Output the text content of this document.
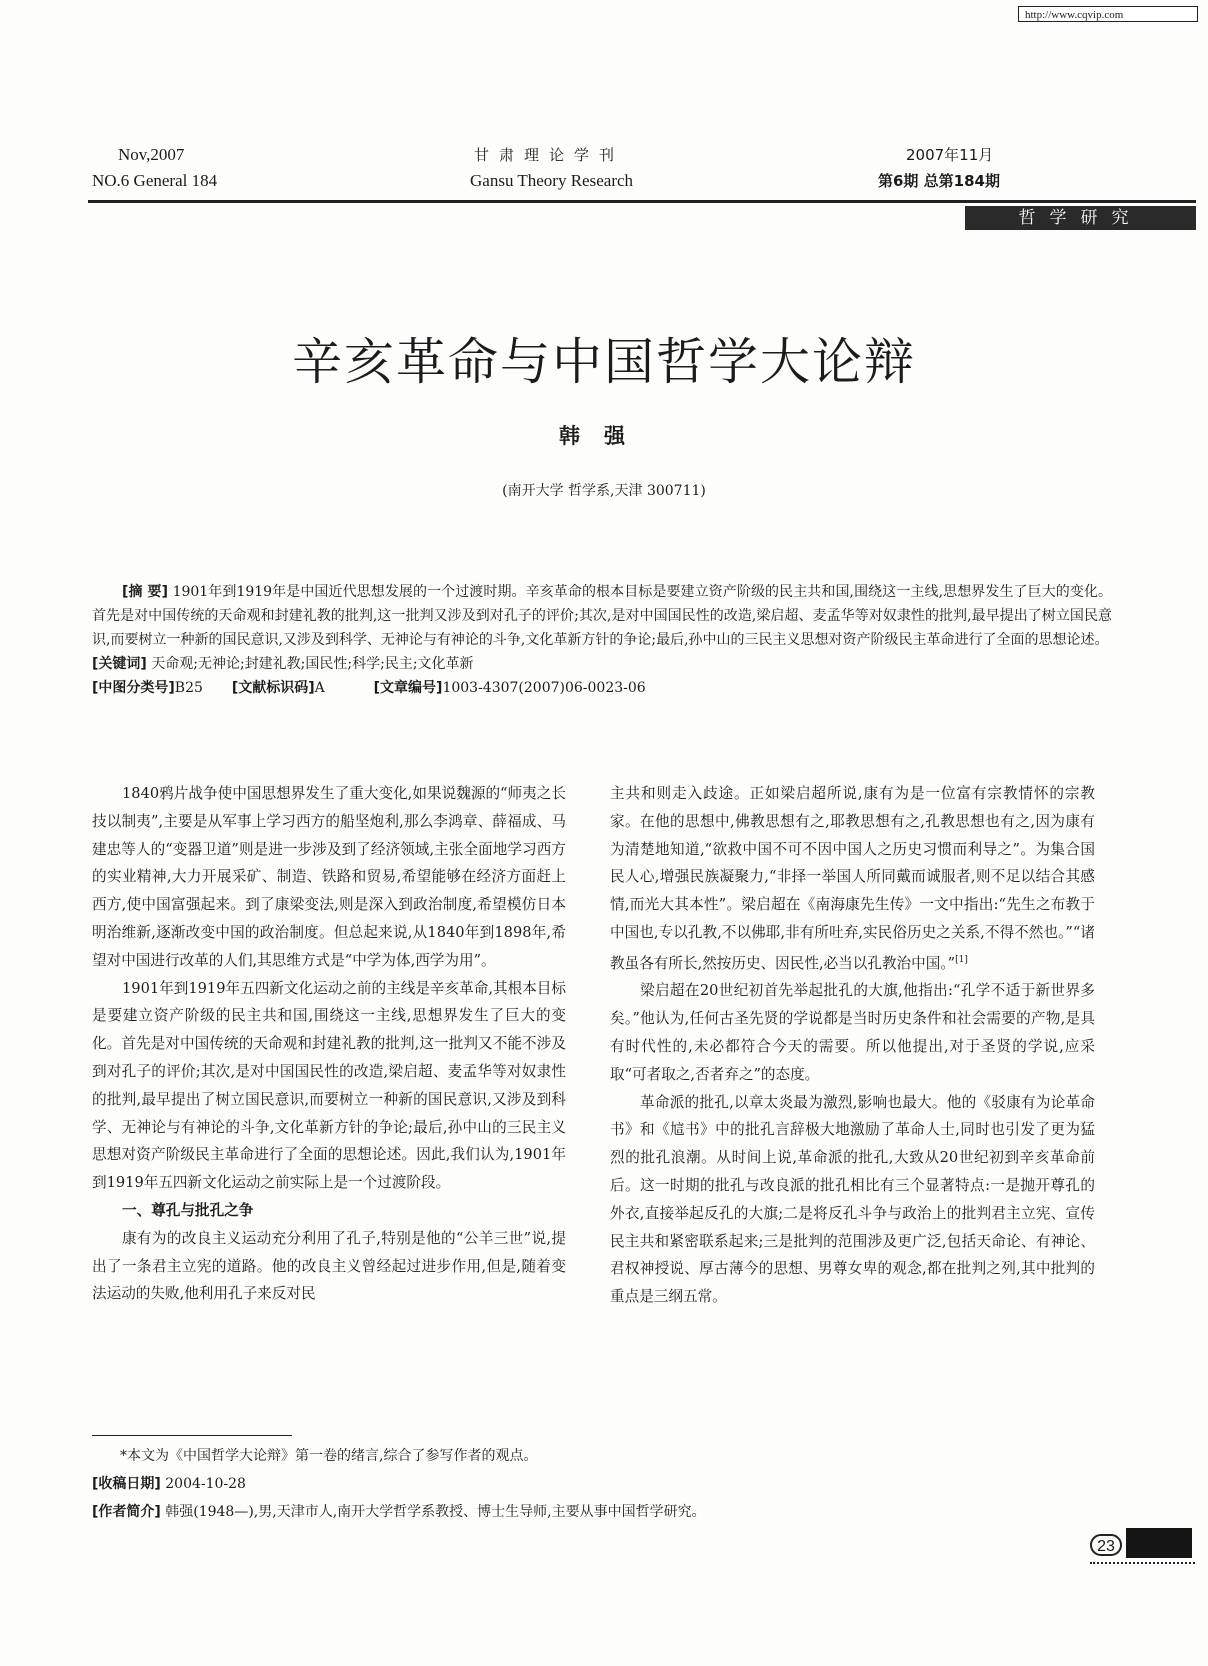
http://www.cqvip.com
Nov,2007
NO.6 General 184
甘肃理论学刊
Gansu Theory Research
2007年11月
第6期 总第184期
哲学研究
辛亥革命与中国哲学大论辩
韩强
(南开大学 哲学系,天津 300711)

[摘 要] 1901年到1919年是中国近代思想发展的一个过渡时期。辛亥革命的根本目标是要建立资产阶级的民主共和国,围绕这一主线,思想界发生了巨大的变化。首先是对中国传统的天命观和封建礼教的批判,这一批判又涉及到对孔子的评价;其次,是对中国国民性的改造,梁启超、麦孟华等对奴隶性的批判,最早提出了树立国民意识,而要树立一种新的国民意识,又涉及到科学、无神论与有神论的斗争,文化革新方针的争论;最后,孙中山的三民主义思想对资产阶级民主革命进行了全面的思想论述。

[关键词] 天命观;无神论;封建礼教;国民性;科学;民主;文化革新

[中图分类号]B25 [文献标识码]A	[文章编号]1003-4307(2007)06-0023-06

1840鸦片战争使中国思想界发生了重大变化,如果说魏源的“师夷之长技以制夷”,主要是从军事上学习西方的船坚炮利,那么李鸿章、薛福成、马建忠等人的“变器卫道”则是进一步涉及到了经济领域,主张全面地学习西方的实业精神,大力开展采矿、制造、铁路和贸易,希望能够在经济方面赶上西方,使中国富强起来。到了康梁变法,则是深入到政治制度,希望模仿日本明治维新,逐渐改变中国的政治制度。但总起来说,从1840年到1898年,希望对中国进行改革的人们,其思维方式是“中学为体,西学为用”。

1901年到1919年五四新文化运动之前的主线是辛亥革命,其根本目标是要建立资产阶级的民主共和国,围绕这一主线,思想界发生了巨大的变化。首先是对中国传统的天命观和封建礼教的批判,这一批判又不能不涉及到对孔子的评价;其次,是对中国国民性的改造,梁启超、麦孟华等对奴隶性的批判,最早提出了树立国民意识,而要树立一种新的国民意识,又涉及到科学、无神论与有神论的斗争,文化革新方针的争论;最后,孙中山的三民主义思想对资产阶级民主革命进行了全面的思想论述。因此,我们认为,1901年到1919年五四新文化运动之前实际上是一个过渡阶段。

一、尊孔与批孔之争

康有为的改良主义运动充分利用了孔子,特别是他的“公羊三世”说,提出了一条君主立宪的道路。他的改良主义曾经起过进步作用,但是,随着变法运动的失败,他利用孔子来反对民

主共和则走入歧途。正如梁启超所说,康有为是一位富有宗教情怀的宗教家。在他的思想中,佛教思想有之,耶教思想有之,孔教思想也有之,因为康有为清楚地知道,“欲救中国不可不因中国人之历史习惯而利导之”。为集合国民人心,增强民族凝聚力,“非择一举国人所同戴而诚服者,则不足以结合其感情,而光大其本性”。梁启超在《南海康先生传》一文中指出:“先生之布教于中国也,专以孔教,不以佛耶,非有所吐弃,实民俗历史之关系,不得不然也。”“诸教虽各有所长,然按历史、因民性,必当以孔教治中国。”[1]

梁启超在20世纪初首先举起批孔的大旗,他指出:“孔学不适于新世界多矣。”他认为,任何古圣先贤的学说都是当时历史条件和社会需要的产物,是具有时代性的,未必都符合今天的需要。所以他提出,对于圣贤的学说,应采取“可者取之,否者弃之”的态度。

革命派的批孔,以章太炎最为激烈,影响也最大。他的《驳康有为论革命书》和《訄书》中的批孔言辞极大地激励了革命人士,同时也引发了更为猛烈的批孔浪潮。从时间上说,革命派的批孔,大致从20世纪初到辛亥革命前后。这一时期的批孔与改良派的批孔相比有三个显著特点:一是抛开尊孔的外衣,直接举起反孔的大旗;二是将反孔斗争与政治上的批判君主立宪、宣传民主共和紧密联系起来;三是批判的范围涉及更广泛,包括天命论、有神论、君权神授说、厚古薄今的思想、男尊女卑的观念,都在批判之列,其中批判的重点是三纲五常。

*本文为《中国哲学大论辩》第一卷的绪言,综合了参写作者的观点。

[收稿日期] 2004-10-28

[作者简介] 韩强(1948—),男,天津市人,南开大学哲学系教授、博士生导师,主要从事中国哲学研究。

23
